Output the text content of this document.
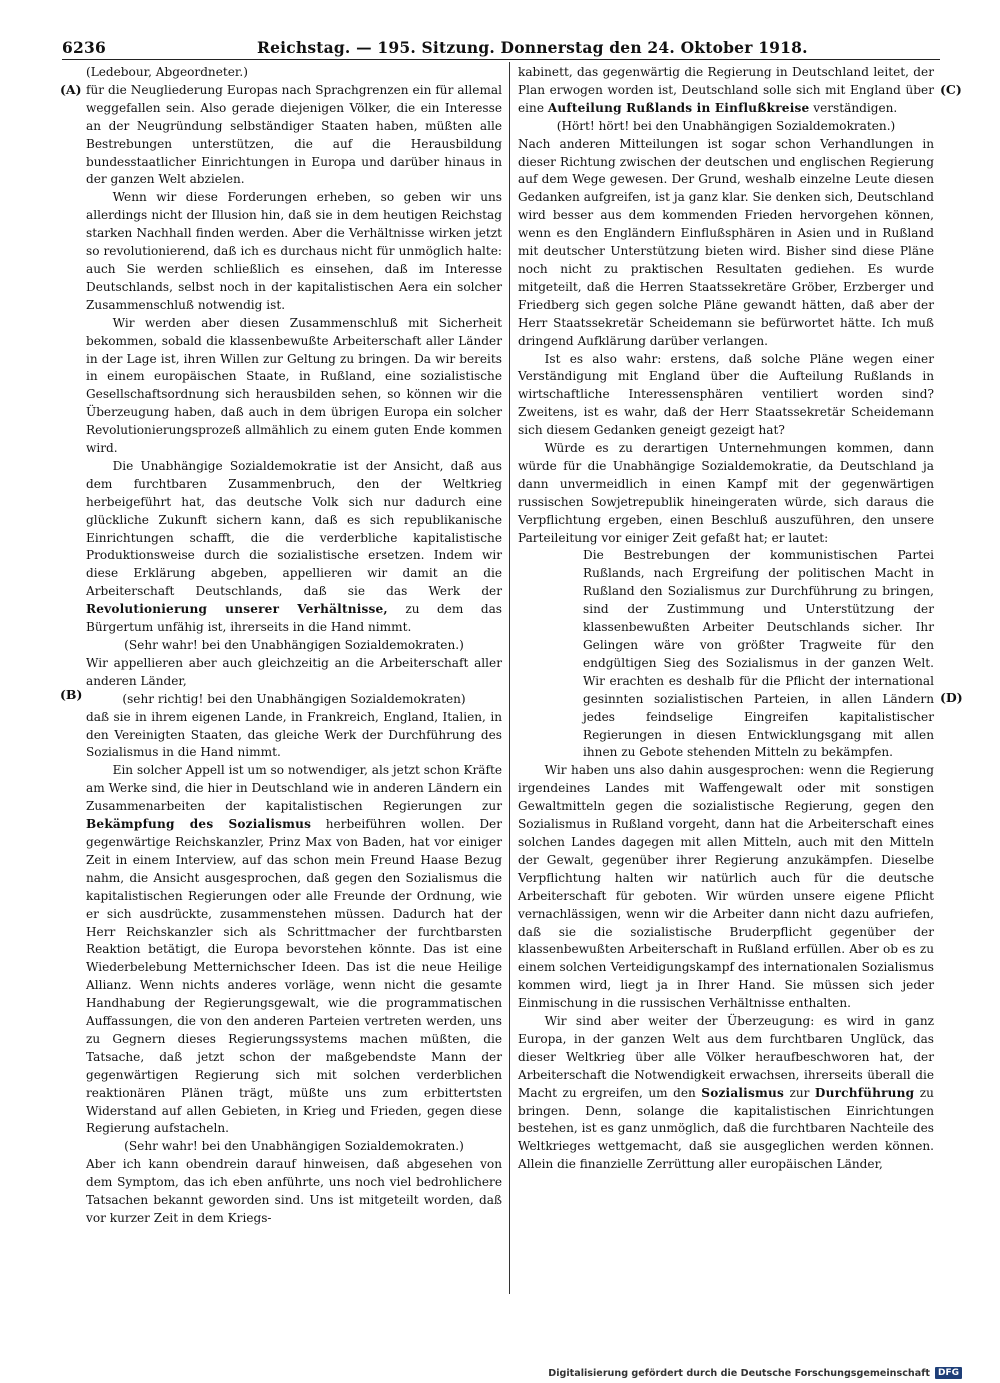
6236	Reichstag. — 195. Sitzung. Donnerstag den 24. Oktober 1918.
(A)
(B)
(C)
(D)

(Ledebour, Abgeordneter.)

für die Neugliederung Europas nach Sprachgrenzen ein für allemal weggefallen sein. Also gerade diejenigen Völker, die ein Interesse an der Neugründung selbständiger Staaten haben, müßten alle Bestrebungen unterstützen, die auf die Herausbildung bundesstaatlicher Einrichtungen in Europa und darüber hinaus in der ganzen Welt abzielen.

Wenn wir diese Forderungen erheben, so geben wir uns allerdings nicht der Illusion hin, daß sie in dem heutigen Reichstag starken Nachhall finden werden. Aber die Verhältnisse wirken jetzt so revolutionierend, daß ich es durchaus nicht für unmöglich halte: auch Sie werden schließlich es einsehen, daß im Interesse Deutschlands, selbst noch in der kapitalistischen Aera ein solcher Zusammenschluß notwendig ist.

Wir werden aber diesen Zusammenschluß mit Sicherheit bekommen, sobald die klassenbewußte Arbeiterschaft aller Länder in der Lage ist, ihren Willen zur Geltung zu bringen. Da wir bereits in einem europäischen Staate, in Rußland, eine sozialistische Gesellschaftsordnung sich herausbilden sehen, so können wir die Überzeugung haben, daß auch in dem übrigen Europa ein solcher Revolutionierungsprozeß allmählich zu einem guten Ende kommen wird.

Die Unabhängige Sozialdemokratie ist der Ansicht, daß aus dem furchtbaren Zusammenbruch, den der Weltkrieg herbeigeführt hat, das deutsche Volk sich nur dadurch eine glückliche Zukunft sichern kann, daß es sich republikanische Einrichtungen schafft, die die verderbliche kapitalistische Produktionsweise durch die sozialistische ersetzen. Indem wir diese Erklärung abgeben, appellieren wir damit an die Arbeiterschaft Deutschlands, daß sie das Werk der Revolutionierung unserer Verhältnisse, zu dem das Bürgertum unfähig ist, ihrerseits in die Hand nimmt.

(Sehr wahr! bei den Unabhängigen Sozialdemokraten.)

Wir appellieren aber auch gleichzeitig an die Arbeiterschaft aller anderen Länder,

(sehr richtig! bei den Unabhängigen Sozialdemokraten)

daß sie in ihrem eigenen Lande, in Frankreich, England, Italien, in den Vereinigten Staaten, das gleiche Werk der Durchführung des Sozialismus in die Hand nimmt.

Ein solcher Appell ist um so notwendiger, als jetzt schon Kräfte am Werke sind, die hier in Deutschland wie in anderen Ländern ein Zusammenarbeiten der kapitalistischen Regierungen zur Bekämpfung des Sozialismus herbeiführen wollen. Der gegenwärtige Reichskanzler, Prinz Max von Baden, hat vor einiger Zeit in einem Interview, auf das schon mein Freund Haase Bezug nahm, die Ansicht ausgesprochen, daß gegen den Sozialismus die kapitalistischen Regierungen oder alle Freunde der Ordnung, wie er sich ausdrückte, zusammenstehen müssen. Dadurch hat der Herr Reichskanzler sich als Schrittmacher der furchtbarsten Reaktion betätigt, die Europa bevorstehen könnte. Das ist eine Wiederbelebung Metternichscher Ideen. Das ist die neue Heilige Allianz. Wenn nichts anderes vorläge, wenn nicht die gesamte Handhabung der Regierungsgewalt, wie die programmatischen Auffassungen, die von den anderen Parteien vertreten werden, uns zu Gegnern dieses Regierungssystems machen müßten, die Tatsache, daß jetzt schon der maßgebendste Mann der gegenwärtigen Regierung sich mit solchen verderblichen reaktionären Plänen trägt, müßte uns zum erbittertsten Widerstand auf allen Gebieten, in Krieg und Frieden, gegen diese Regierung aufstacheln.

(Sehr wahr! bei den Unabhängigen Sozialdemokraten.)

Aber ich kann obendrein darauf hinweisen, daß abgesehen von dem Symptom, das ich eben anführte, uns noch viel bedrohlichere Tatsachen bekannt geworden sind. Uns ist mitgeteilt worden, daß vor kurzer Zeit in dem Kriegs-

kabinett, das gegenwärtig die Regierung in Deutschland leitet, der Plan erwogen worden ist, Deutschland solle sich mit England über eine Aufteilung Rußlands in Einflußkreise verständigen.

(Hört! hört! bei den Unabhängigen Sozialdemokraten.)

Nach anderen Mitteilungen ist sogar schon Verhandlungen in dieser Richtung zwischen der deutschen und englischen Regierung auf dem Wege gewesen. Der Grund, weshalb einzelne Leute diesen Gedanken aufgreifen, ist ja ganz klar. Sie denken sich, Deutschland wird besser aus dem kommenden Frieden hervorgehen können, wenn es den Engländern Einflußsphären in Asien und in Rußland mit deutscher Unterstützung bieten wird. Bisher sind diese Pläne noch nicht zu praktischen Resultaten gediehen. Es wurde mitgeteilt, daß die Herren Staatssekretäre Gröber, Erzberger und Friedberg sich gegen solche Pläne gewandt hätten, daß aber der Herr Staatssekretär Scheidemann sie befürwortet hätte. Ich muß dringend Aufklärung darüber verlangen.

Ist es also wahr: erstens, daß solche Pläne wegen einer Verständigung mit England über die Aufteilung Rußlands in wirtschaftliche Interessensphären ventiliert worden sind? Zweitens, ist es wahr, daß der Herr Staatssekretär Scheidemann sich diesem Gedanken geneigt gezeigt hat?

Würde es zu derartigen Unternehmungen kommen, dann würde für die Unabhängige Sozialdemokratie, da Deutschland ja dann unvermeidlich in einen Kampf mit der gegenwärtigen russischen Sowjetrepublik hineingeraten würde, sich daraus die Verpflichtung ergeben, einen Beschluß auszuführen, den unsere Parteileitung vor einiger Zeit gefaßt hat; er lautet:

Die Bestrebungen der kommunistischen Partei Rußlands, nach Ergreifung der politischen Macht in Rußland den Sozialismus zur Durchführung zu bringen, sind der Zustimmung und Unterstützung der klassenbewußten Arbeiter Deutschlands sicher. Ihr Gelingen wäre von größter Tragweite für den endgültigen Sieg des Sozialismus in der ganzen Welt. Wir erachten es deshalb für die Pflicht der international gesinnten sozialistischen Parteien, in allen Ländern jedes feindselige Eingreifen kapitalistischer Regierungen in diesen Entwicklungsgang mit allen ihnen zu Gebote stehenden Mitteln zu bekämpfen.

Wir haben uns also dahin ausgesprochen: wenn die Regierung irgendeines Landes mit Waffengewalt oder mit sonstigen Gewaltmitteln gegen die sozialistische Regierung, gegen den Sozialismus in Rußland vorgeht, dann hat die Arbeiterschaft eines solchen Landes dagegen mit allen Mitteln, auch mit den Mitteln der Gewalt, gegenüber ihrer Regierung anzukämpfen. Dieselbe Verpflichtung halten wir natürlich auch für die deutsche Arbeiterschaft für geboten. Wir würden unsere eigene Pflicht vernachlässigen, wenn wir die Arbeiter dann nicht dazu aufriefen, daß sie die sozialistische Bruderpflicht gegenüber der klassenbewußten Arbeiterschaft in Rußland erfüllen. Aber ob es zu einem solchen Verteidigungskampf des internationalen Sozialismus kommen wird, liegt ja in Ihrer Hand. Sie müssen sich jeder Einmischung in die russischen Verhältnisse enthalten.

Wir sind aber weiter der Überzeugung: es wird in ganz Europa, in der ganzen Welt aus dem furchtbaren Unglück, das dieser Weltkrieg über alle Völker heraufbeschworen hat, der Arbeiterschaft die Notwendigkeit erwachsen, ihrerseits überall die Macht zu ergreifen, um den Sozialismus zur Durchführung zu bringen. Denn, solange die kapitalistischen Einrichtungen bestehen, ist es ganz unmöglich, daß die furchtbaren Nachteile des Weltkrieges wettgemacht, daß sie ausgeglichen werden können. Allein die finanzielle Zerrüttung aller europäischen Länder,

Digitalisierung gefördert durch die Deutsche Forschungsgemeinschaft DFG
